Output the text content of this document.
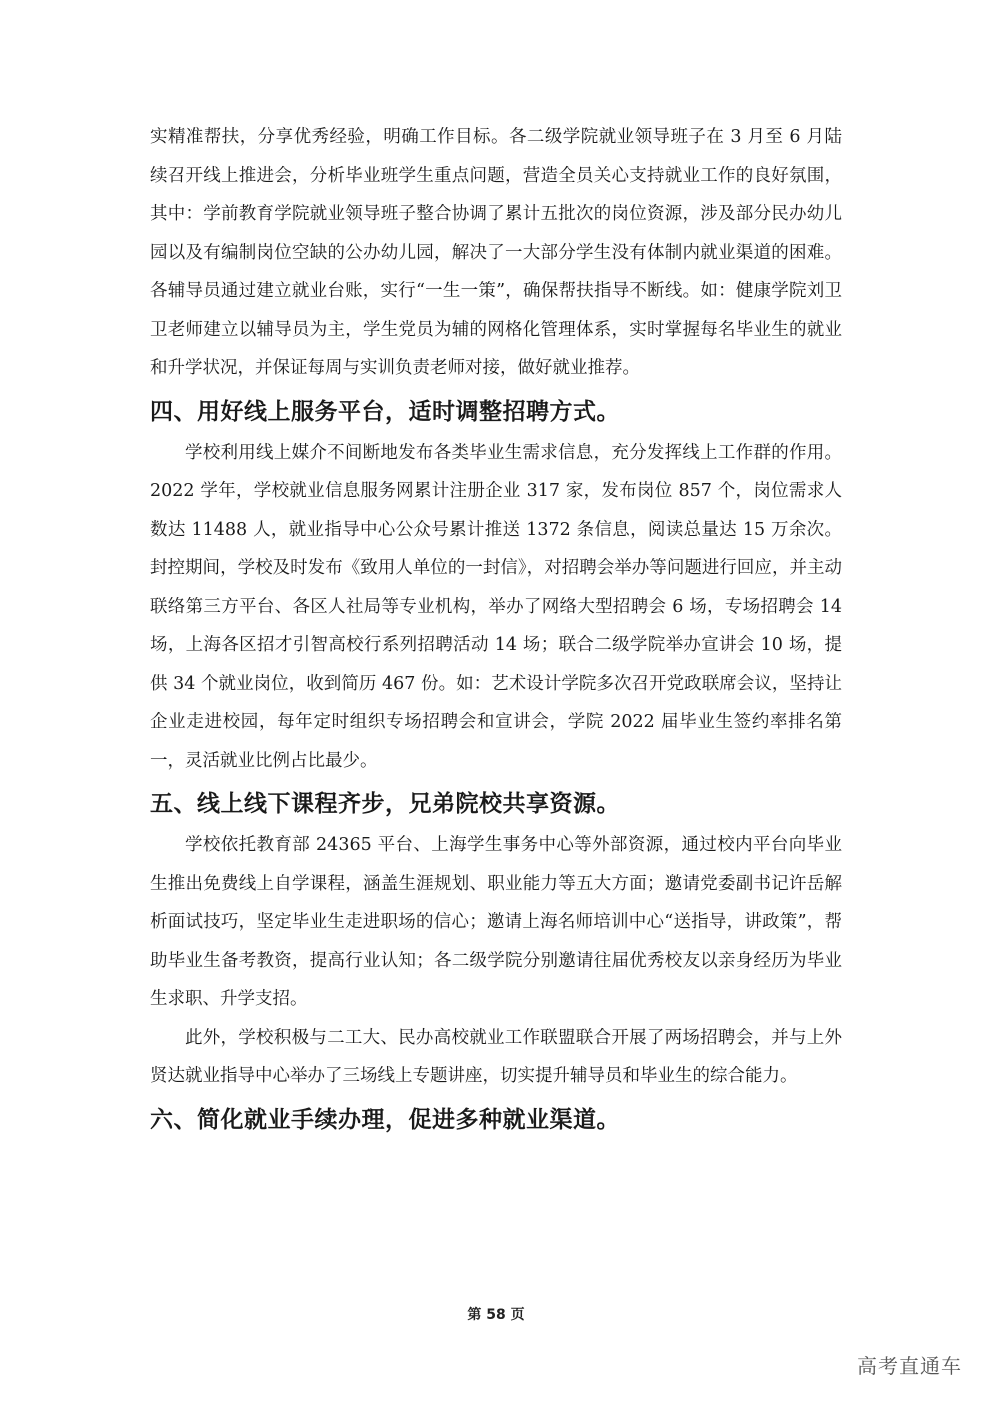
实精准帮扶，分享优秀经验，明确工作目标。各二级学院就业领导班子在 3 月至 6 月陆续召开线上推进会，分析毕业班学生重点问题，营造全员关心支持就业工作的良好氛围，其中：学前教育学院就业领导班子整合协调了累计五批次的岗位资源，涉及部分民办幼儿园以及有编制岗位空缺的公办幼儿园，解决了一大部分学生没有体制内就业渠道的困难。各辅导员通过建立就业台账，实行“一生一策”，确保帮扶指导不断线。如：健康学院刘卫卫老师建立以辅导员为主，学生党员为辅的网格化管理体系，实时掌握每名毕业生的就业和升学状况，并保证每周与实训负责老师对接，做好就业推荐。

四、用好线上服务平台，适时调整招聘方式。

学校利用线上媒介不间断地发布各类毕业生需求信息，充分发挥线上工作群的作用。2022 学年，学校就业信息服务网累计注册企业 317 家，发布岗位 857 个，岗位需求人数达 11488 人，就业指导中心公众号累计推送 1372 条信息，阅读总量达 15 万余次。封控期间，学校及时发布《致用人单位的一封信》，对招聘会举办等问题进行回应，并主动联络第三方平台、各区人社局等专业机构，举办了网络大型招聘会 6 场，专场招聘会 14 场，上海各区招才引智高校行系列招聘活动 14 场；联合二级学院举办宣讲会 10 场，提供 34 个就业岗位，收到简历 467 份。如：艺术设计学院多次召开党政联席会议，坚持让企业走进校园，每年定时组织专场招聘会和宣讲会，学院 2022 届毕业生签约率排名第一，灵活就业比例占比最少。

五、线上线下课程齐步，兄弟院校共享资源。

学校依托教育部 24365 平台、上海学生事务中心等外部资源，通过校内平台向毕业生推出免费线上自学课程，涵盖生涯规划、职业能力等五大方面；邀请党委副书记许岳解析面试技巧，坚定毕业生走进职场的信心；邀请上海名师培训中心“送指导，讲政策”，帮助毕业生备考教资，提高行业认知；各二级学院分别邀请往届优秀校友以亲身经历为毕业生求职、升学支招。

此外，学校积极与二工大、民办高校就业工作联盟联合开展了两场招聘会，并与上外贤达就业指导中心举办了三场线上专题讲座，切实提升辅导员和毕业生的综合能力。

六、简化就业手续办理，促进多种就业渠道。
第 58 页
高考直通车
